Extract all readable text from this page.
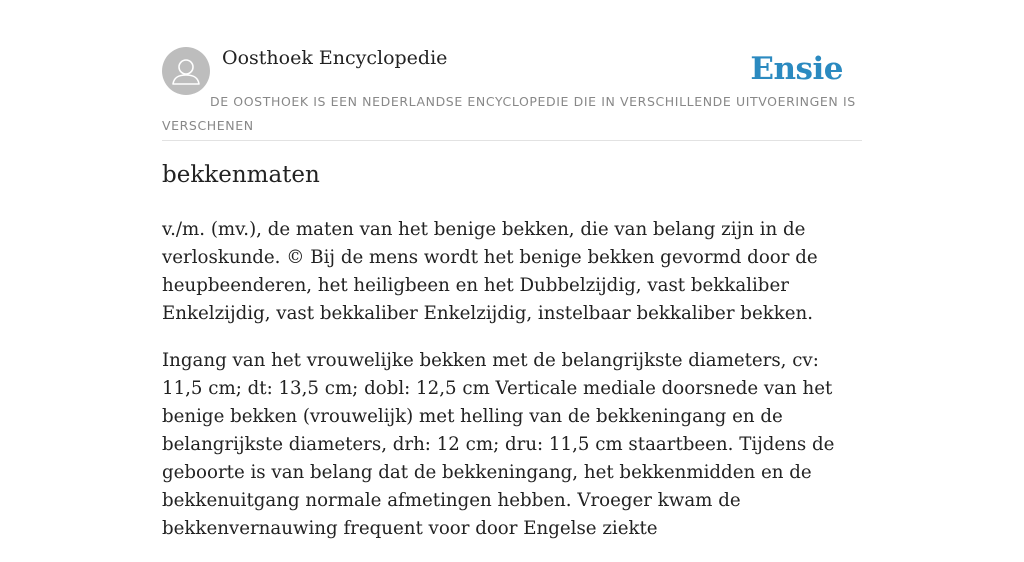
Oosthoek Encyclopedie	Ensie
DE OOSTHOEK IS EEN NEDERLANDSE ENCYCLOPEDIE DIE IN VERSCHILLENDE UITVOERINGEN IS VERSCHENEN
bekkenmaten

v./m. (mv.), de maten van het benige bekken, die van belang zijn in de verloskunde. © Bij de mens wordt het benige bekken gevormd door de heupbeenderen, het heiligbeen en het Dubbelzijdig, vast bekkaliber Enkelzijdig, vast bekkaliber Enkelzijdig, instelbaar bekkaliber bekken.

Ingang van het vrouwelijke bekken met de belangrijkste diameters, cv: 11,5 cm; dt: 13,5 cm; dobl: 12,5 cm Verticale mediale doorsnede van het benige bekken (vrouwelijk) met helling van de bekkeningang en de belangrijkste diameters, drh: 12 cm; dru: 11,5 cm staartbeen. Tijdens de geboorte is van belang dat de bekkeningang, het bekkenmidden en de bekkenuitgang normale afmetingen hebben. Vroeger kwam de bekkenvernauwing frequent voor door Engelse ziekte
